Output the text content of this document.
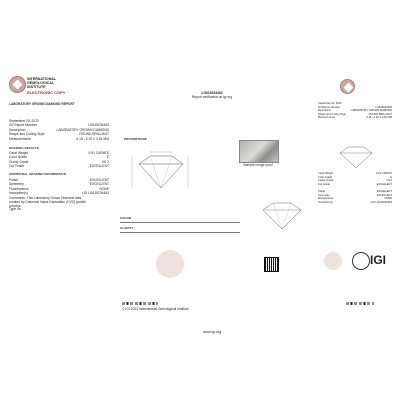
INTERNATIONAL
GEMOLOGICAL
INSTITUTE
ELECTRONIC COPY
LABORATORY GROWN DIAMOND REPORT
September 20, 2023
IGI Report Number	LG615234463
Description	LABORATORY GROWN DIAMOND
Shape and Cutting Style	ROUND BRILLIANT
Measurements	6.15 - 6.20 X 3.81 MM
GRADING RESULTS
Carat Weight	0.91 CARATS
Color Grade	E
Clarity Grade	VS 2
Cut Grade	EXCELLENT
ADDITIONAL GRADING INFORMATION
Polish	EXCELLENT
Symmetry	EXCELLENT
Fluorescence	NONE
Inscription(s)	LGI LG615234463
Comments: This Laboratory Grown Diamond was
created by Chemical Vapor Deposition (CVD) growth
process.
Type IIa
LG615234463
Report verification at igi.org
PROPORTIONS
Sample image used
COLOR
CLARITY
© IGI 2023 International Gemological Institute
www.igi.org
September 20, 2023
IGI Report Number	LG615234463
Description	LABORATORY GROWN DIAMOND
Shape and Cutting Style	ROUND BRILLIANT
Measurements	6.15 - 6.20 X 3.81 MM
Carat Weight	0.91 CARATS
Color Grade	E
Clarity Grade	VS 2
Cut Grade	EXCELLENT
Polish	EXCELLENT
Symmetry	EXCELLENT
Fluorescence	NONE
Inscription(s)	LGI LG615234463
IGI
